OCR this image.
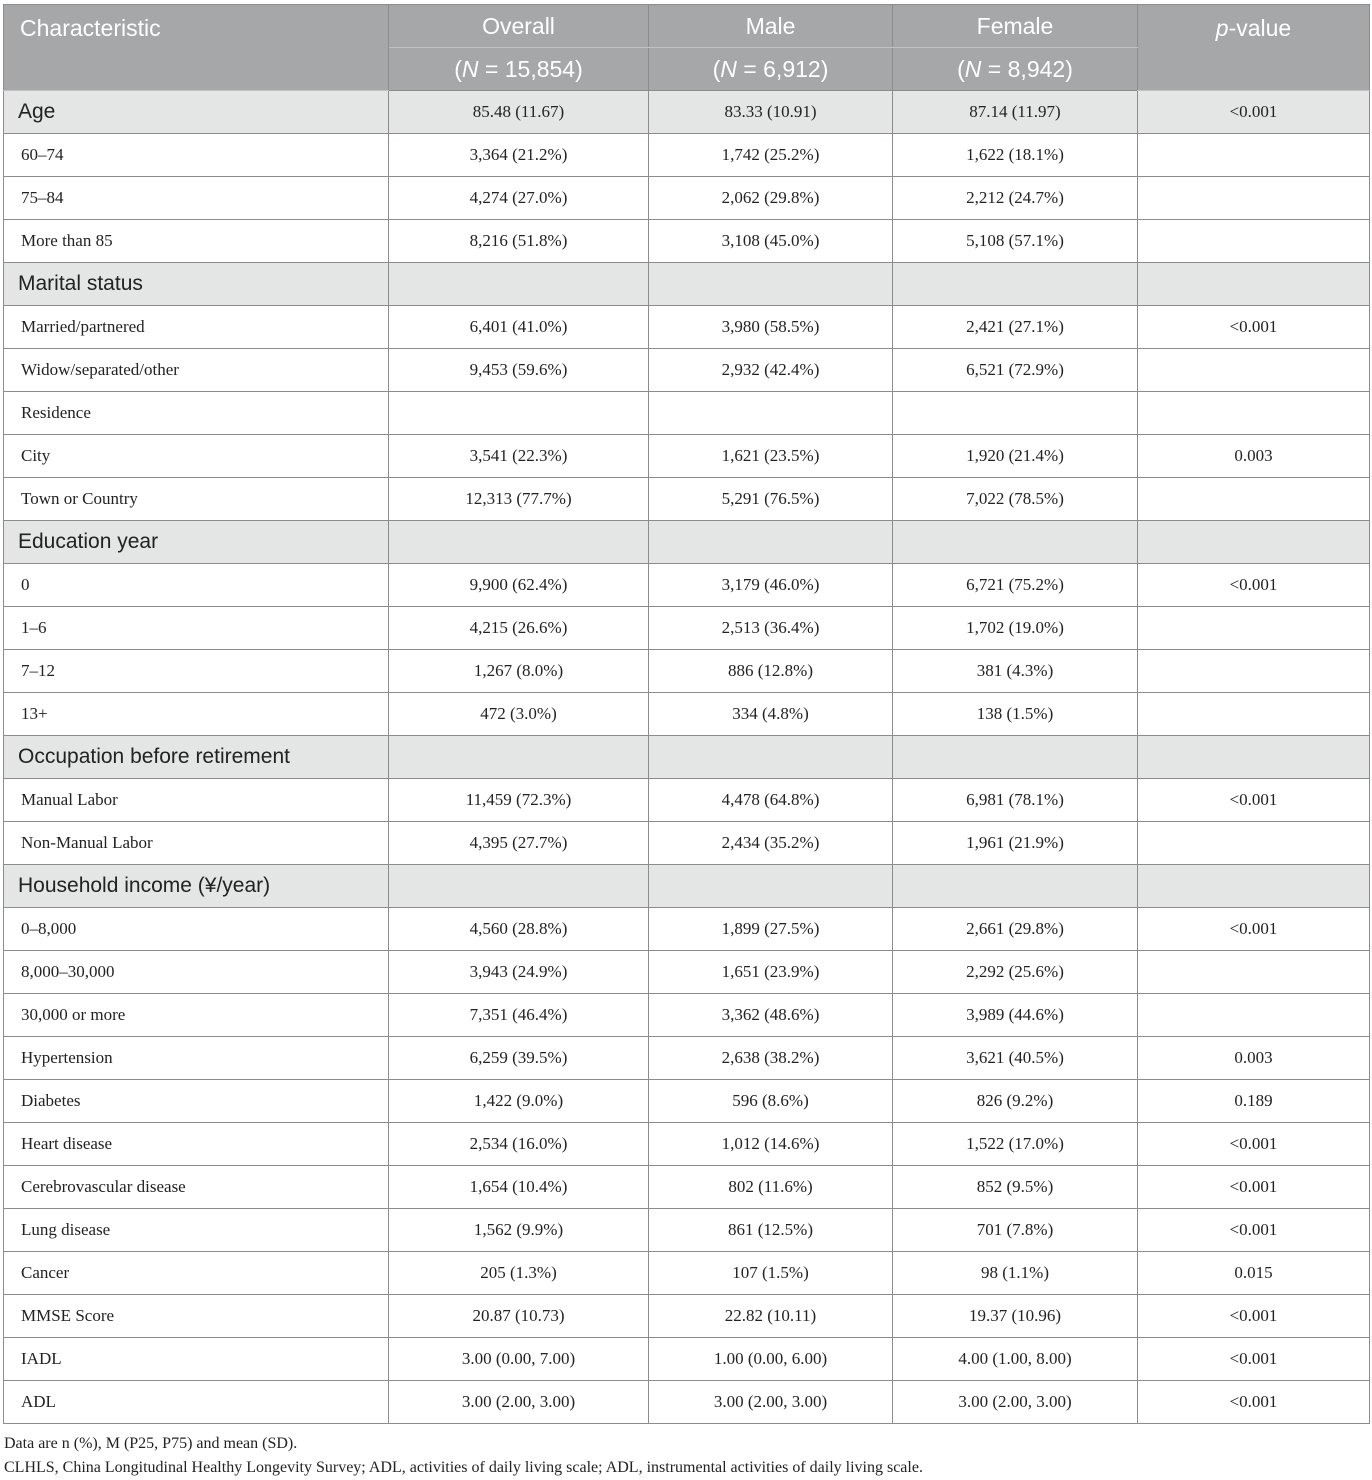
Characteristic	Overall	Male	Female	p-value
	(N = 15,854)	(N = 6,912)	(N = 8,942)	
Age	85.48 (11.67)	83.33 (10.91)	87.14 (11.97)	<0.001
60–74	3,364 (21.2%)	1,742 (25.2%)	1,622 (18.1%)	
75–84	4,274 (27.0%)	2,062 (29.8%)	2,212 (24.7%)	
More than 85	8,216 (51.8%)	3,108 (45.0%)	5,108 (57.1%)	
Marital status				
Married/partnered	6,401 (41.0%)	3,980 (58.5%)	2,421 (27.1%)	<0.001
Widow/separated/other	9,453 (59.6%)	2,932 (42.4%)	6,521 (72.9%)	
Residence				
City	3,541 (22.3%)	1,621 (23.5%)	1,920 (21.4%)	0.003
Town or Country	12,313 (77.7%)	5,291 (76.5%)	7,022 (78.5%)	
Education year				
0	9,900 (62.4%)	3,179 (46.0%)	6,721 (75.2%)	<0.001
1–6	4,215 (26.6%)	2,513 (36.4%)	1,702 (19.0%)	
7–12	1,267 (8.0%)	886 (12.8%)	381 (4.3%)	
13+	472 (3.0%)	334 (4.8%)	138 (1.5%)	
Occupation before retirement				
Manual Labor	11,459 (72.3%)	4,478 (64.8%)	6,981 (78.1%)	<0.001
Non-Manual Labor	4,395 (27.7%)	2,434 (35.2%)	1,961 (21.9%)	
Household income (¥/year)				
0–8,000	4,560 (28.8%)	1,899 (27.5%)	2,661 (29.8%)	<0.001
8,000–30,000	3,943 (24.9%)	1,651 (23.9%)	2,292 (25.6%)	
30,000 or more	7,351 (46.4%)	3,362 (48.6%)	3,989 (44.6%)	
Hypertension	6,259 (39.5%)	2,638 (38.2%)	3,621 (40.5%)	0.003
Diabetes	1,422 (9.0%)	596 (8.6%)	826 (9.2%)	0.189
Heart disease	2,534 (16.0%)	1,012 (14.6%)	1,522 (17.0%)	<0.001
Cerebrovascular disease	1,654 (10.4%)	802 (11.6%)	852 (9.5%)	<0.001
Lung disease	1,562 (9.9%)	861 (12.5%)	701 (7.8%)	<0.001
Cancer	205 (1.3%)	107 (1.5%)	98 (1.1%)	0.015
MMSE Score	20.87 (10.73)	22.82 (10.11)	19.37 (10.96)	<0.001
IADL	3.00 (0.00, 7.00)	1.00 (0.00, 6.00)	4.00 (1.00, 8.00)	<0.001
ADL	3.00 (2.00, 3.00)	3.00 (2.00, 3.00)	3.00 (2.00, 3.00)	<0.001
Data are n (%), M (P25, P75) and mean (SD).
CLHLS, China Longitudinal Healthy Longevity Survey; ADL, activities of daily living scale; ADL, instrumental activities of daily living scale.
